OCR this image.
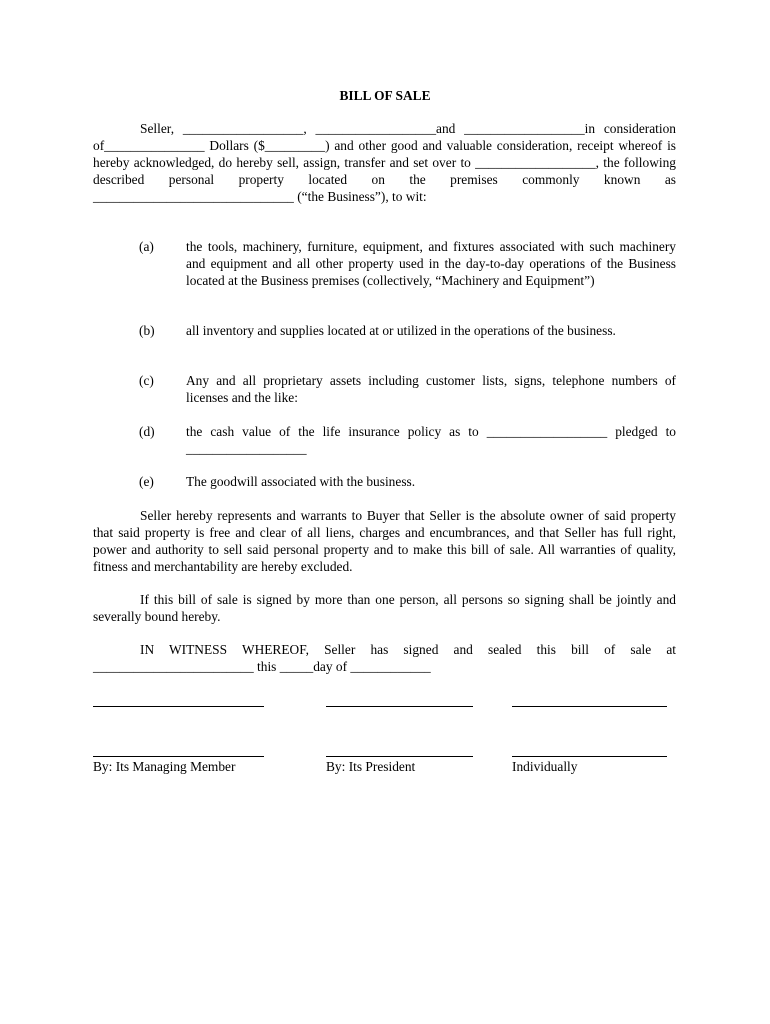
BILL OF SALE

Seller, __________________, __________________and __________________in consideration of_______________ Dollars ($_________) and other good and valuable consideration, receipt whereof is hereby acknowledged, do hereby sell, assign, transfer and set over to __________________, the following described personal property located on the premises commonly known as ______________________________ (“the Business”), to wit:

(a) the tools, machinery, furniture, equipment, and fixtures associated with such machinery and equipment and all other property used in the day-to-day operations of the Business located at the Business premises (collectively, “Machinery and Equipment”)
(b) all inventory and supplies located at or utilized in the operations of the business.
(c) Any and all proprietary assets including customer lists, signs, telephone numbers of licenses and the like:
(d) the cash value of the life insurance policy as to __________________ pledged to __________________
(e) The goodwill associated with the business.

Seller hereby represents and warrants to Buyer that Seller is the absolute owner of said property that said property is free and clear of all liens, charges and encumbrances, and that Seller has full right, power and authority to sell said personal property and to make this bill of sale. All warranties of quality, fitness and merchantability are hereby excluded.

If this bill of sale is signed by more than one person, all persons so signing shall be jointly and severally bound hereby.

IN WITNESS WHEREOF, Seller has signed and sealed this bill of sale at ________________________ this _____day of ____________

By: Its Managing Member	By: Its President	Individually
